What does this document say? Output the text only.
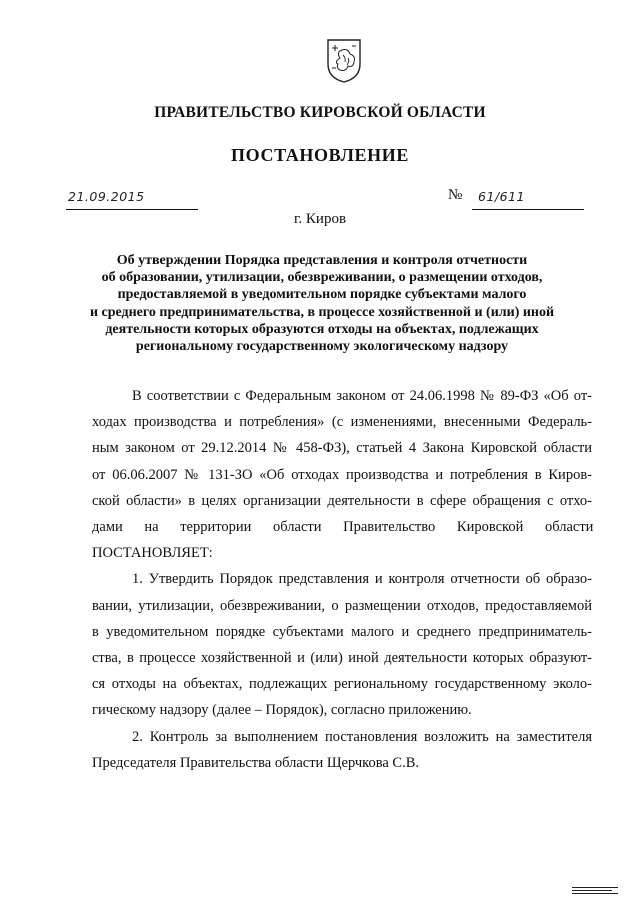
ПРАВИТЕЛЬСТВО КИРОВСКОЙ ОБЛАСТИ
ПОСТАНОВЛЕНИЕ
21.09.2015	№ 61/611
г. Киров
Об утверждении Порядка представления и контроля отчетности
об образовании, утилизации, обезвреживании, о размещении отходов,
предоставляемой в уведомительном порядке субъектами малого
и среднего предпринимательства, в процессе хозяйственной и (или) иной
деятельности которых образуются отходы на объектах, подлежащих
региональному государственному экологическому надзору
В соответствии с Федеральным законом от 24.06.1998 № 89-ФЗ «Об от-
ходах производства и потребления» (с изменениями, внесенными Федераль-
ным законом от 29.12.2014 № 458-ФЗ), статьей 4 Закона Кировской области
от 06.06.2007 № 131-ЗО «Об отходах производства и потребления в Киров-
ской области» в целях организации деятельности в сфере обращения с отхо-
дами на территории области Правительство Кировской области
ПОСТАНОВЛЯЕТ:
1. Утвердить Порядок представления и контроля отчетности об образо-
вании, утилизации, обезвреживании, о размещении отходов, предоставляемой
в уведомительном порядке субъектами малого и среднего предприниматель-
ства, в процессе хозяйственной и (или) иной деятельности которых образуют-
ся отходы на объектах, подлежащих региональному государственному эколо-
гическому надзору (далее – Порядок), согласно приложению.
2. Контроль за выполнением постановления возложить на заместителя
Председателя Правительства области Щерчкова С.В.
